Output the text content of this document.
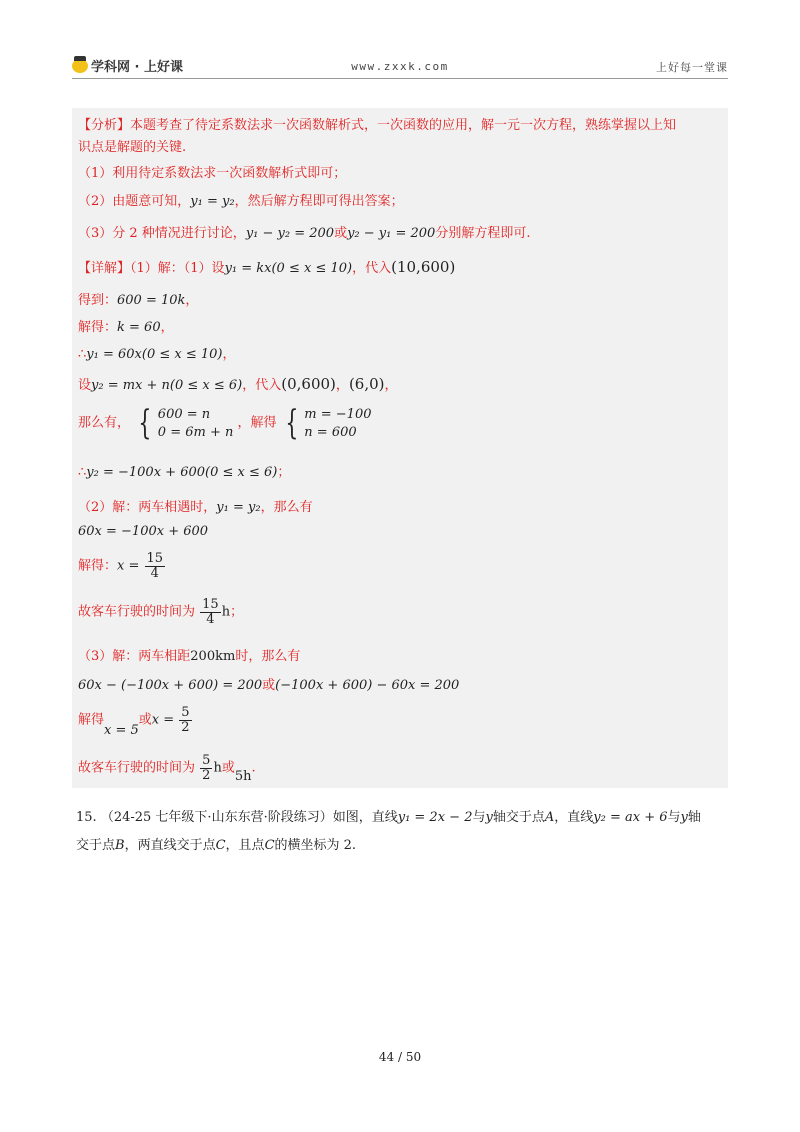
学科网 · 上好课	www.zxxk.com	上好每一堂课
【分析】本题考查了待定系数法求一次函数解析式，一次函数的应用，解一元一次方程，熟练掌握以上知
识点是解题的关键.
（1）利用待定系数法求一次函数解析式即可；
（2）由题意可知，y₁ = y₂，然后解方程即可得出答案；
（3）分 2 种情况进行讨论，y₁ − y₂ = 200或y₂ − y₁ = 200分别解方程即可.
【详解】（1）解：（1）设y₁ = kx(0 ≤ x ≤ 10)，代入(10,600)
得到：600 = 10k，
解得：k = 60，
∴y₁ = 60x(0 ≤ x ≤ 10)，
设y₂ = mx + n(0 ≤ x ≤ 6)，代入(0,600)，(6,0)，
那么有， { 600 = n
0 = 6m + n
，解得 { m = −100
n = 600
∴y₂ = −100x + 600(0 ≤ x ≤ 6)；
（2）解：两车相遇时，y₁ = y₂，那么有
60x = −100x + 600
解得：$x = \frac{15}{4}$
故客车行驶的时间为 $\frac{15}{4}$ h；
（3）解：两车相距200km时，那么有
60x − (−100x + 600) = 200或(−100x + 600) − 60x = 200
解得x = 5或$x = \frac{5}{2}$
故客车行驶的时间为 $\frac{5}{2}$ h或5h.
15. （24-25 七年级下·山东东营·阶段练习）如图，直线y₁ = 2x − 2与y轴交于点A，直线y₂ = ax + 6与y轴
交于点B，两直线交于点C，且点C的横坐标为 2.
44 / 50
